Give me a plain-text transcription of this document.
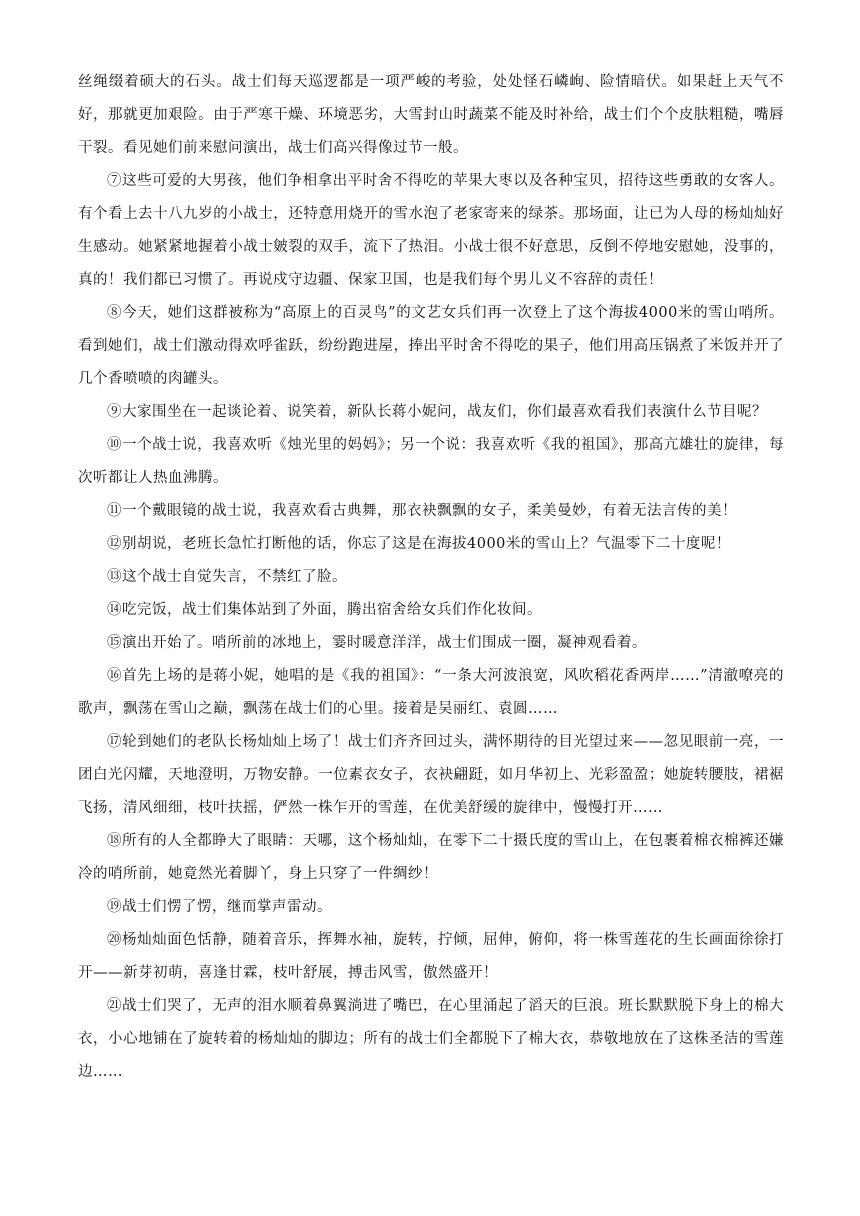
丝绳缀着硕大的石头。战士们每天巡逻都是一项严峻的考验，处处怪石嶙峋、险情暗伏。如果赶上天气不好，那就更加艰险。由于严寒干燥、环境恶劣，大雪封山时蔬菜不能及时补给，战士们个个皮肤粗糙，嘴唇干裂。看见她们前来慰问演出，战士们高兴得像过节一般。

⑦这些可爱的大男孩，他们争相拿出平时舍不得吃的苹果大枣以及各种宝贝，招待这些勇敢的女客人。有个看上去十八九岁的小战士，还特意用烧开的雪水泡了老家寄来的绿茶。那场面，让已为人母的杨灿灿好生感动。她紧紧地握着小战士皴裂的双手，流下了热泪。小战士很不好意思，反倒不停地安慰她，没事的，真的！我们都已习惯了。再说戍守边疆、保家卫国，也是我们每个男儿义不容辞的责任！

⑧今天，她们这群被称为“高原上的百灵鸟”的文艺女兵们再一次登上了这个海拔4000米的雪山哨所。看到她们，战士们激动得欢呼雀跃，纷纷跑进屋，捧出平时舍不得吃的果子，他们用高压锅煮了米饭并开了几个香喷喷的肉罐头。

⑨大家围坐在一起谈论着、说笑着，新队长蒋小妮问，战友们，你们最喜欢看我们表演什么节目呢？

⑩一个战士说，我喜欢听《烛光里的妈妈》；另一个说：我喜欢听《我的祖国》，那高亢雄壮的旋律，每次听都让人热血沸腾。

⑪一个戴眼镜的战士说，我喜欢看古典舞，那衣袂飘飘的女子，柔美曼妙，有着无法言传的美！

⑫别胡说，老班长急忙打断他的话，你忘了这是在海拔4000米的雪山上？气温零下二十度呢！

⑬这个战士自觉失言，不禁红了脸。

⑭吃完饭，战士们集体站到了外面，腾出宿舍给女兵们作化妆间。

⑮演出开始了。哨所前的冰地上，霎时暖意洋洋，战士们围成一圈，凝神观看着。

⑯首先上场的是蒋小妮，她唱的是《我的祖国》：“一条大河波浪宽，风吹稻花香两岸……”清澈嘹亮的歌声，飘荡在雪山之巅，飘荡在战士们的心里。接着是吴丽红、袁圆……

⑰轮到她们的老队长杨灿灿上场了！战士们齐齐回过头，满怀期待的目光望过来——忽见眼前一亮，一团白光闪耀，天地澄明，万物安静。一位素衣女子，衣袂翩跹，如月华初上、光彩盈盈；她旋转腰肢，裙裾飞扬，清风细细，枝叶扶摇，俨然一株乍开的雪莲，在优美舒缓的旋律中，慢慢打开……

⑱所有的人全都睁大了眼睛：天哪，这个杨灿灿，在零下二十摄氏度的雪山上，在包裹着棉衣棉裤还嫌冷的哨所前，她竟然光着脚丫，身上只穿了一件绸纱！

⑲战士们愣了愣，继而掌声雷动。

⑳杨灿灿面色恬静，随着音乐，挥舞水袖，旋转，拧倾，屈伸，俯仰，将一株雪莲花的生长画面徐徐打开——新芽初萌，喜逢甘霖，枝叶舒展，搏击风雪，傲然盛开！

㉑战士们哭了，无声的泪水顺着鼻翼淌进了嘴巴，在心里涌起了滔天的巨浪。班长默默脱下身上的棉大衣，小心地铺在了旋转着的杨灿灿的脚边；所有的战士们全都脱下了棉大衣，恭敬地放在了这株圣洁的雪莲边……
